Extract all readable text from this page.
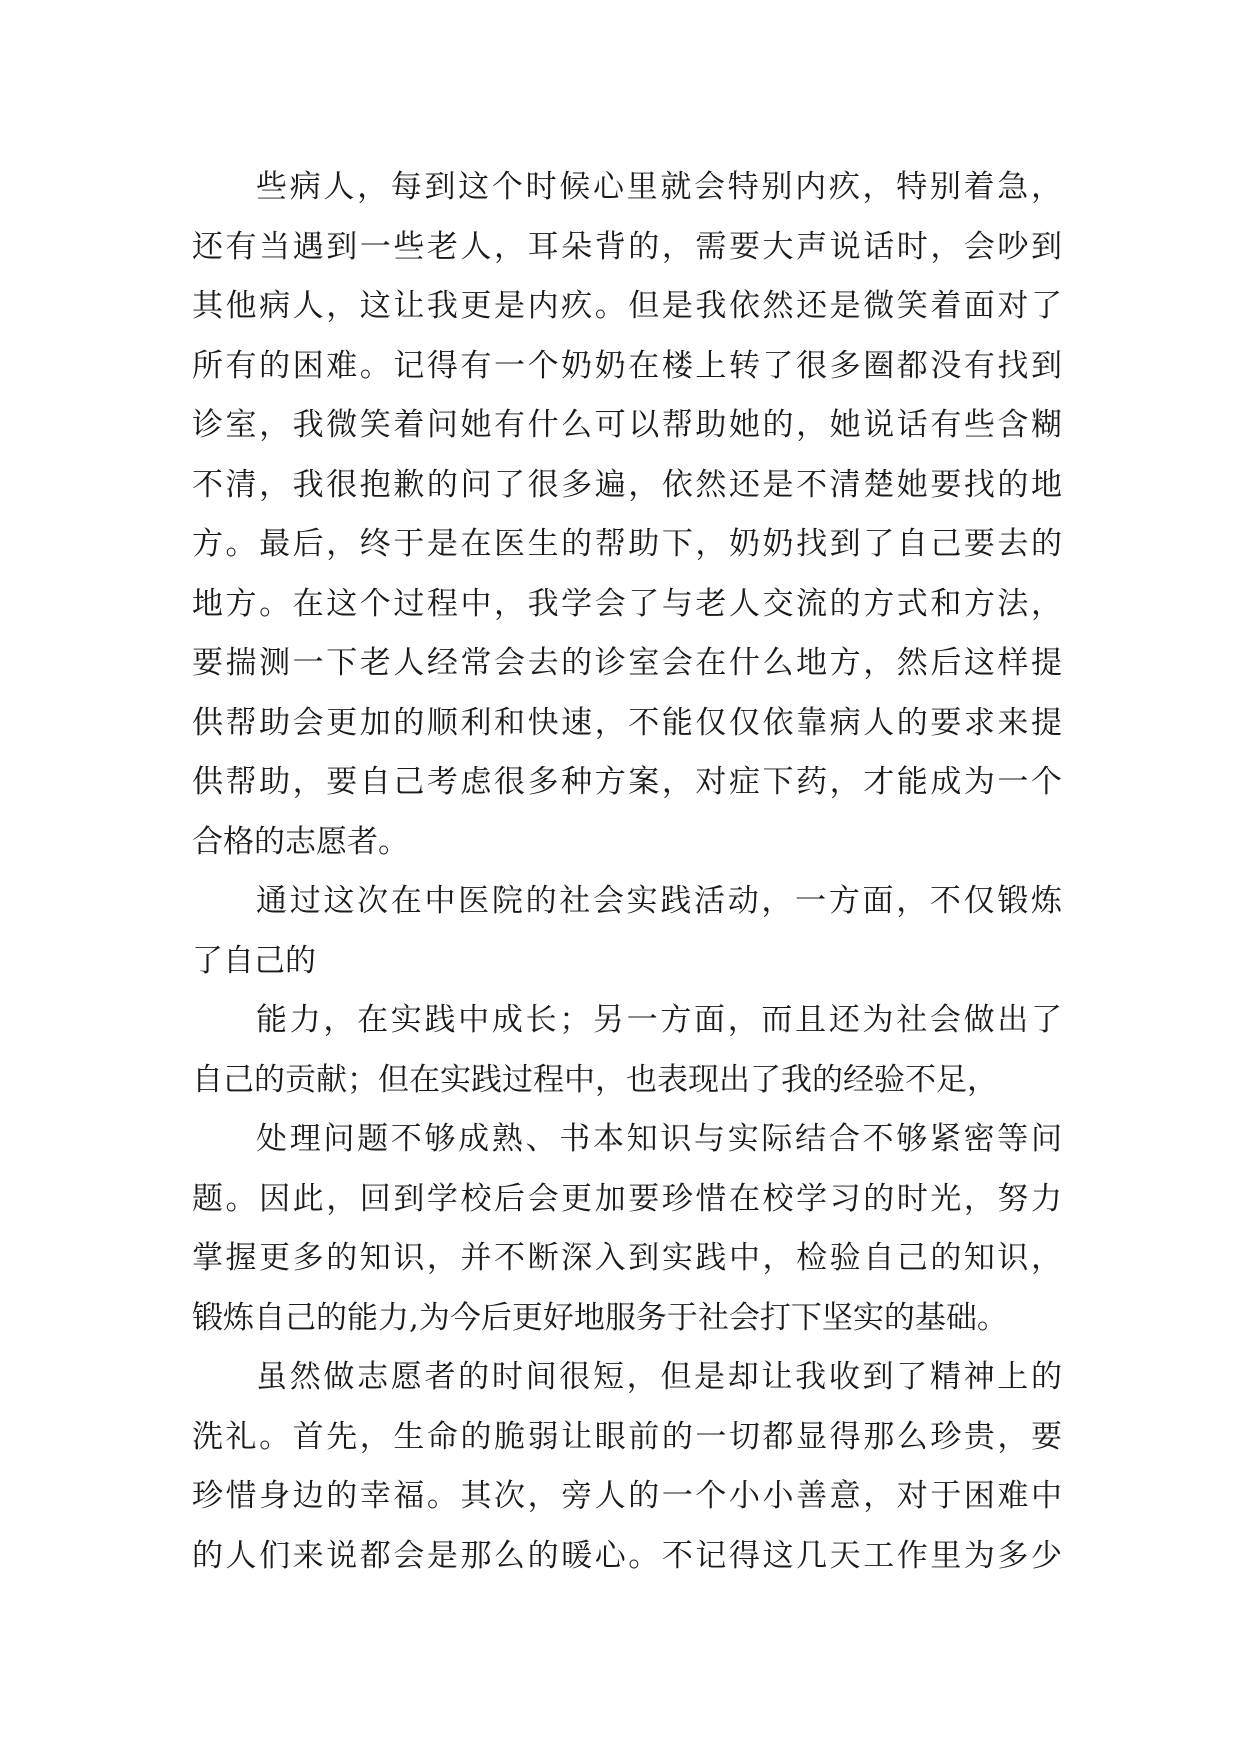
些病人，每到这个时候心里就会特别内疚，特别着急，
还有当遇到一些老人，耳朵背的，需要大声说话时，会吵到
其他病人，这让我更是内疚。但是我依然还是微笑着面对了
所有的困难。记得有一个奶奶在楼上转了很多圈都没有找到
诊室，我微笑着问她有什么可以帮助她的，她说话有些含糊
不清，我很抱歉的问了很多遍，依然还是不清楚她要找的地
方。最后，终于是在医生的帮助下，奶奶找到了自己要去的
地方。在这个过程中，我学会了与老人交流的方式和方法，
要揣测一下老人经常会去的诊室会在什么地方，然后这样提
供帮助会更加的顺利和快速，不能仅仅依靠病人的要求来提
供帮助，要自己考虑很多种方案，对症下药，才能成为一个
合格的志愿者。
通过这次在中医院的社会实践活动，一方面，不仅锻炼
了自己的
能力，在实践中成长；另一方面，而且还为社会做出了
自己的贡献；但在实践过程中，也表现出了我的经验不足，
处理问题不够成熟、书本知识与实际结合不够紧密等问
题。因此，回到学校后会更加要珍惜在校学习的时光，努力
掌握更多的知识，并不断深入到实践中，检验自己的知识，
锻炼自己的能力,为今后更好地服务于社会打下坚实的基础。
虽然做志愿者的时间很短，但是却让我收到了精神上的
洗礼。首先，生命的脆弱让眼前的一切都显得那么珍贵，要
珍惜身边的幸福。其次，旁人的一个小小善意，对于困难中
的人们来说都会是那么的暖心。不记得这几天工作里为多少
